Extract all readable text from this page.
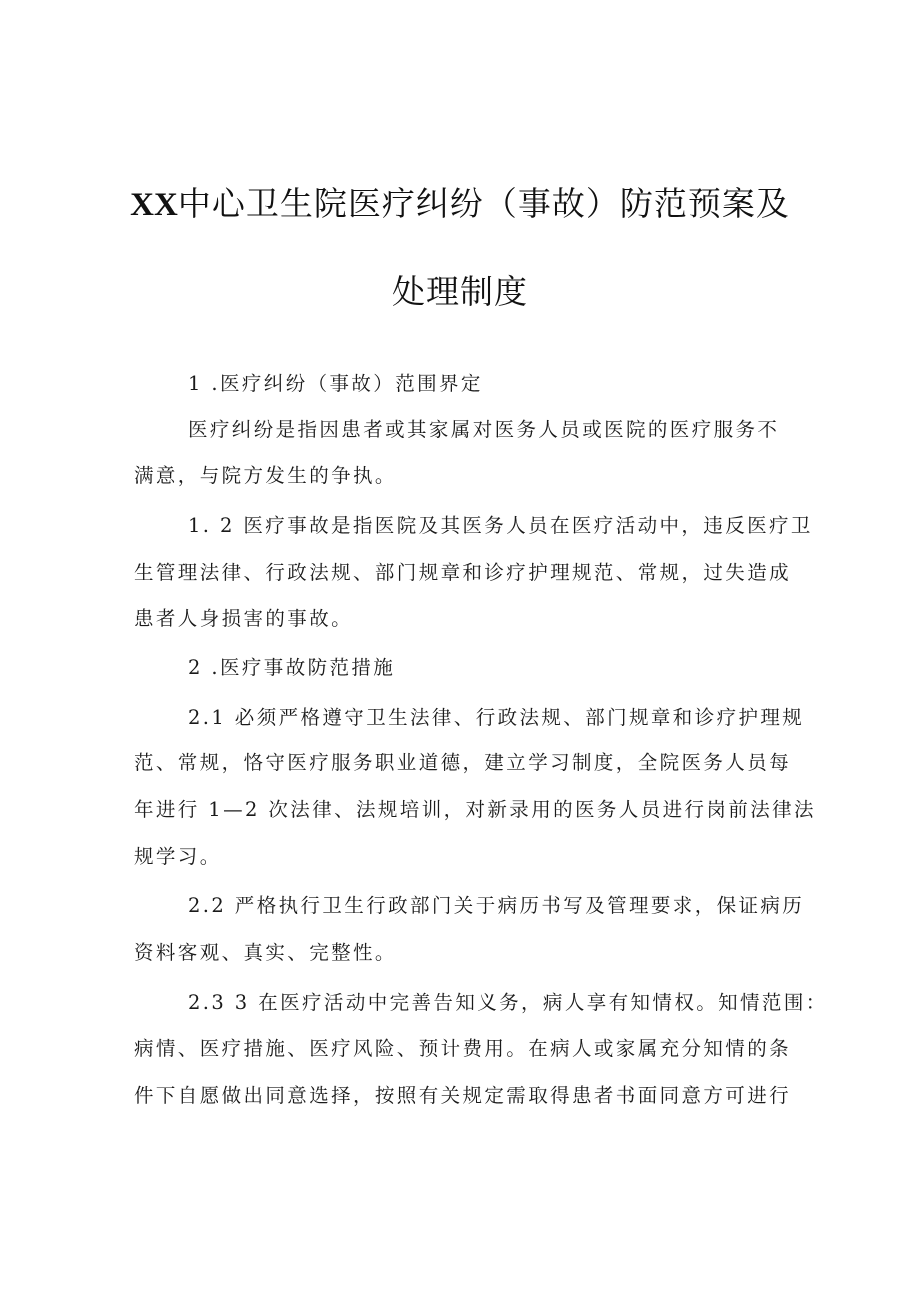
XX中心卫生院医疗纠纷（事故）防范预案及
处理制度
1 .医疗纠纷（事故）范围界定
医疗纠纷是指因患者或其家属对医务人员或医院的医疗服务不
满意，与院方发生的争执。
1. 2 医疗事故是指医院及其医务人员在医疗活动中，违反医疗卫
生管理法律、行政法规、部门规章和诊疗护理规范、常规，过失造成
患者人身损害的事故。
2 .医疗事故防范措施
2.1 必须严格遵守卫生法律、行政法规、部门规章和诊疗护理规
范、常规，恪守医疗服务职业道德，建立学习制度，全院医务人员每
年进行 1—2 次法律、法规培训，对新录用的医务人员进行岗前法律法
规学习。
2.2 严格执行卫生行政部门关于病历书写及管理要求，保证病历
资料客观、真实、完整性。
2.3 3 在医疗活动中完善告知义务，病人享有知情权。知情范围：
病情、医疗措施、医疗风险、预计费用。在病人或家属充分知情的条
件下自愿做出同意选择，按照有关规定需取得患者书面同意方可进行
